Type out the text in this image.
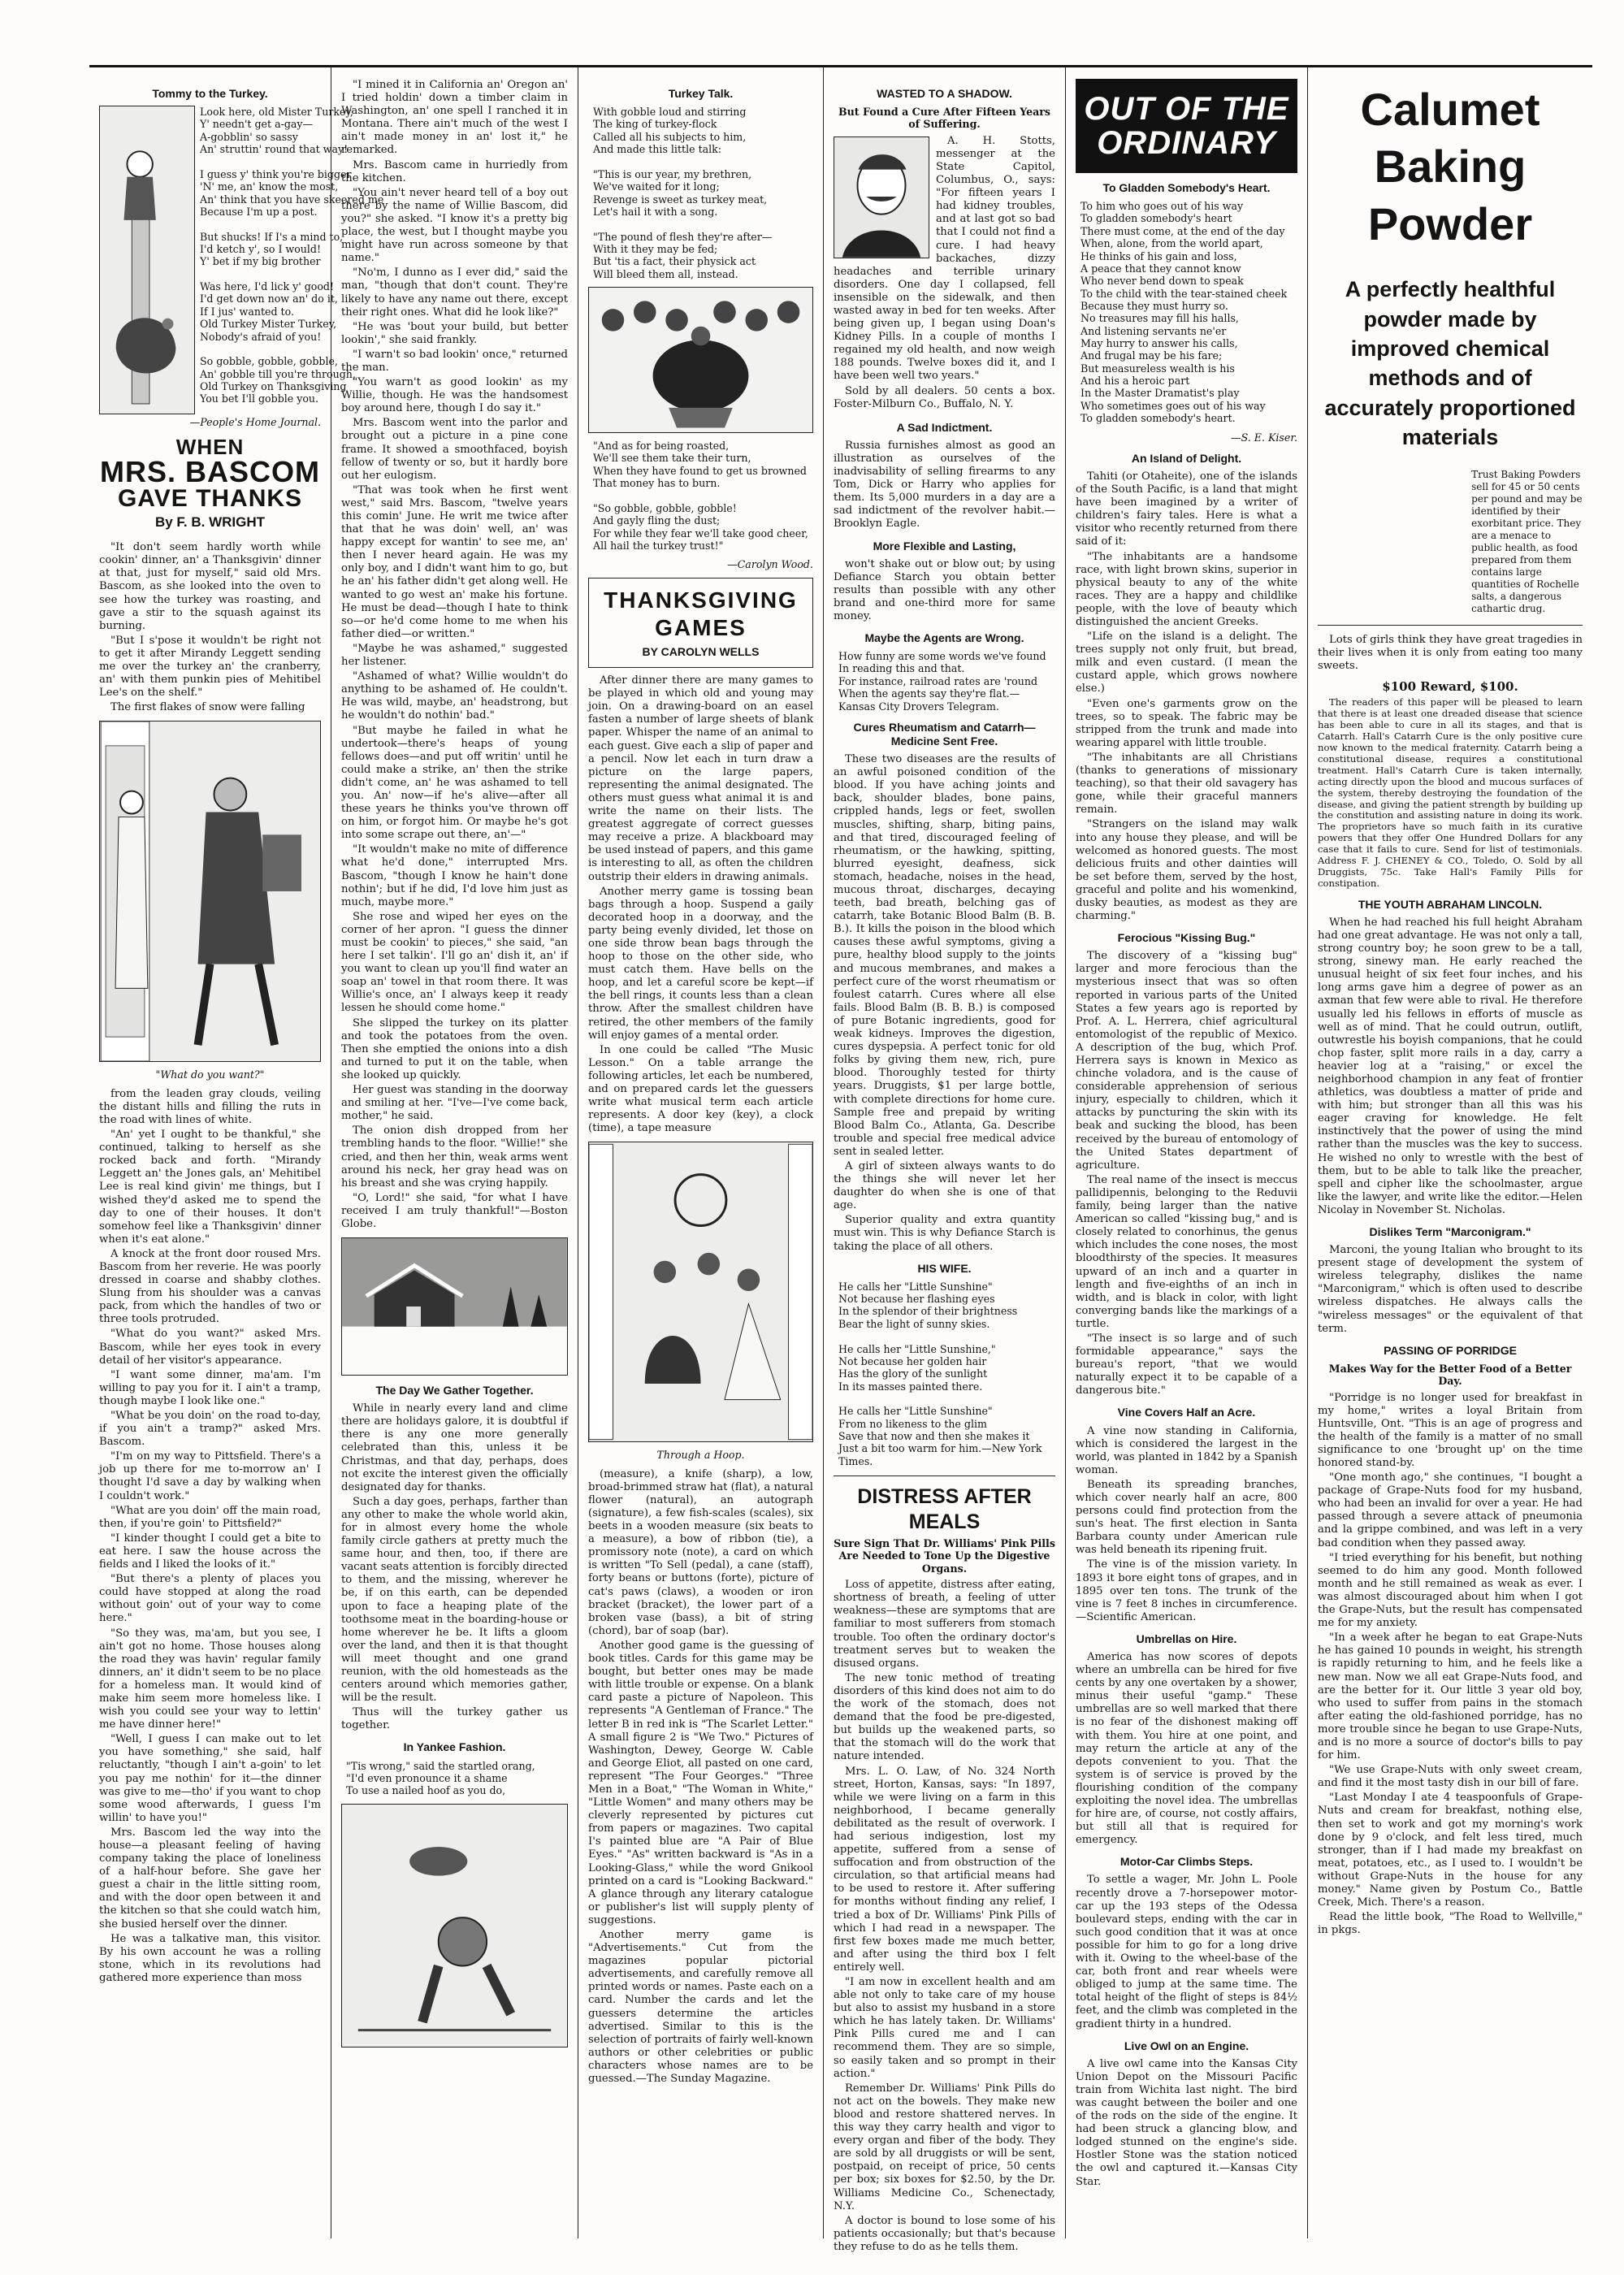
Tommy to the Turkey.
Look here, old Mister Turkey,
Y' needn't get a-gay—
A-gobblin' so sassy
An' struttin' round that way!

I guess y' think you're bigger
'N' me, an' know the most,
An' think that you have skeered me
Because I'm up a post.

But shucks! If I's a mind to,
I'd ketch y', so I would!
Y' bet if my big brother

Was here, I'd lick y' good!
I'd get down now an' do it,
If I jus' wanted to.
Old Turkey Mister Turkey,
Nobody's afraid of you!

So gobble, gobble, gobble,
An' gobble till you're through,
Old Turkey on Thanksgiving
You bet I'll gobble you.
—People's Home Journal.
WHEN
MRS. BASCOM
GAVE THANKS
By F. B. WRIGHT

"It don't seem hardly worth while cookin' dinner, an' a Thanksgivin' dinner at that, just for myself," said old Mrs. Bascom, as she looked into the oven to see how the turkey was roasting, and gave a stir to the squash against its burning.

"But I s'pose it wouldn't be right not to get it after Mirandy Leggett sending me over the turkey an' the cranberry, an' with them punkin pies of Mehitibel Lee's on the shelf."

The first flakes of snow were falling

"What do you want?"

from the leaden gray clouds, veiling the distant hills and filling the ruts in the road with lines of white.

"An' yet I ought to be thankful," she continued, talking to herself as she rocked back and forth. "Mirandy Leggett an' the Jones gals, an' Mehitibel Lee is real kind givin' me things, but I wished they'd asked me to spend the day to one of their houses. It don't somehow feel like a Thanksgivin' dinner when it's eat alone."

A knock at the front door roused Mrs. Bascom from her reverie. He was poorly dressed in coarse and shabby clothes. Slung from his shoulder was a canvas pack, from which the handles of two or three tools protruded.

"What do you want?" asked Mrs. Bascom, while her eyes took in every detail of her visitor's appearance.

"I want some dinner, ma'am. I'm willing to pay you for it. I ain't a tramp, though maybe I look like one."

"What be you doin' on the road to-day, if you ain't a tramp?" asked Mrs. Bascom.

"I'm on my way to Pittsfield. There's a job up there for me to-morrow an' I thought I'd save a day by walking when I couldn't work."

"What are you doin' off the main road, then, if you're goin' to Pittsfield?"

"I kinder thought I could get a bite to eat here. I saw the house across the fields and I liked the looks of it."

"But there's a plenty of places you could have stopped at along the road without goin' out of your way to come here."

"So they was, ma'am, but you see, I ain't got no home. Those houses along the road they was havin' regular family dinners, an' it didn't seem to be no place for a homeless man. It would kind of make him seem more homeless like. I wish you could see your way to lettin' me have dinner here!"

"Well, I guess I can make out to let you have something," she said, half reluctantly, "though I ain't a-goin' to let you pay me nothin' for it—the dinner was give to me—tho' if you want to chop some wood afterwards, I guess I'm willin' to have you!"

Mrs. Bascom led the way into the house—a pleasant feeling of having company taking the place of loneliness of a half-hour before. She gave her guest a chair in the little sitting room, and with the door open between it and the kitchen so that she could watch him, she busied herself over the dinner.

He was a talkative man, this visitor. By his own account he was a rolling stone, which in its revolutions had gathered more experience than moss

"I mined it in California an' Oregon an' I tried holdin' down a timber claim in Washington, an' one spell I ranched it in Montana. There ain't much of the west I ain't made money in an' lost it," he remarked.

Mrs. Bascom came in hurriedly from the kitchen.

"You ain't never heard tell of a boy out there by the name of Willie Bascom, did you?" she asked. "I know it's a pretty big place, the west, but I thought maybe you might have run across someone by that name."

"No'm, I dunno as I ever did," said the man, "though that don't count. They're likely to have any name out there, except their right ones. What did he look like?"

"He was 'bout your build, but better lookin'," she said frankly.

"I warn't so bad lookin' once," returned the man.

"You warn't as good lookin' as my Willie, though. He was the handsomest boy around here, though I do say it."

Mrs. Bascom went into the parlor and brought out a picture in a pine cone frame. It showed a smoothfaced, boyish fellow of twenty or so, but it hardly bore out her eulogism.

"That was took when he first went west," said Mrs. Bascom, "twelve years this comin' June. He writ me twice after that that he was doin' well, an' was happy except for wantin' to see me, an' then I never heard again. He was my only boy, and I didn't want him to go, but he an' his father didn't get along well. He wanted to go west an' make his fortune. He must be dead—though I hate to think so—or he'd come home to me when his father died—or written."

"Maybe he was ashamed," suggested her listener.

"Ashamed of what? Willie wouldn't do anything to be ashamed of. He couldn't. He was wild, maybe, an' headstrong, but he wouldn't do nothin' bad."

"But maybe he failed in what he undertook—there's heaps of young fellows does—and put off writin' until he could make a strike, an' then the strike didn't come, an' he was ashamed to tell you. An' now—if he's alive—after all these years he thinks you've thrown off on him, or forgot him. Or maybe he's got into some scrape out there, an'—"

"It wouldn't make no mite of difference what he'd done," interrupted Mrs. Bascom, "though I know he hain't done nothin'; but if he did, I'd love him just as much, maybe more."

She rose and wiped her eyes on the corner of her apron. "I guess the dinner must be cookin' to pieces," she said, "an here I set talkin'. I'll go an' dish it, an' if you want to clean up you'll find water an soap an' towel in that room there. It was Willie's once, an' I always keep it ready lessen he should come home."

She slipped the turkey on its platter and took the potatoes from the oven. Then she emptied the onions into a dish and turned to put it on the table, when she looked up quickly.

Her guest was standing in the doorway and smiling at her. "I've—I've come back, mother," he said.

The onion dish dropped from her trembling hands to the floor. "Willie!" she cried, and then her thin, weak arms went around his neck, her gray head was on his breast and she was crying happily.

"O, Lord!" she said, "for what I have received I am truly thankful!"—Boston Globe.

The Day We Gather Together.

While in nearly every land and clime there are holidays galore, it is doubtful if there is any one more generally celebrated than this, unless it be Christmas, and that day, perhaps, does not excite the interest given the officially designated day for thanks.

Such a day goes, perhaps, farther than any other to make the whole world akin, for in almost every home the whole family circle gathers at pretty much the same hour, and then, too, if there are vacant seats attention is forcibly directed to them, and the missing, wherever he be, if on this earth, can be depended upon to face a heaping plate of the toothsome meat in the boarding-house or home wherever he be. It lifts a gloom over the land, and then it is that thought will meet thought and one grand reunion, with the old homesteads as the centers around which memories gather, will be the result.

Thus will the turkey gather us together.

In Yankee Fashion.
"Tis wrong," said the startled orang,
"I'd even pronounce it a shame
To use a nailed hoof as you do,
Turkey Talk.
With gobble loud and stirring
The king of turkey-flock
Called all his subjects to him,
And made this little talk:

"This is our year, my brethren,
We've waited for it long;
Revenge is sweet as turkey meat,
Let's hail it with a song.

"The pound of flesh they're after—
With it they may be fed;
But 'tis a fact, their physick act
Will bleed them all, instead.
"And as for being roasted,
We'll see them take their turn,
When they have found to get us browned
That money has to burn.

"So gobble, gobble, gobble!
And gayly fling the dust;
For while they fear we'll take good cheer,
All hail the turkey trust!"
—Carolyn Wood.
THANKSGIVING GAMES
BY CAROLYN WELLS

After dinner there are many games to be played in which old and young may join. On a drawing-board on an easel fasten a number of large sheets of blank paper. Whisper the name of an animal to each guest. Give each a slip of paper and a pencil. Now let each in turn draw a picture on the large papers, representing the animal designated. The others must guess what animal it is and write the name on their lists. The greatest aggregate of correct guesses may receive a prize. A blackboard may be used instead of papers, and this game is interesting to all, as often the children outstrip their elders in drawing animals.

Another merry game is tossing bean bags through a hoop. Suspend a gaily decorated hoop in a doorway, and the party being evenly divided, let those on one side throw bean bags through the hoop to those on the other side, who must catch them. Have bells on the hoop, and let a careful score be kept—if the bell rings, it counts less than a clean throw. After the smallest children have retired, the other members of the family will enjoy games of a mental order.

In one could be called "The Music Lesson." On a table arrange the following articles, let each be numbered, and on prepared cards let the guessers write what musical term each article represents. A door key (key), a clock (time), a tape measure

Through a Hoop.

(measure), a knife (sharp), a low, broad-brimmed straw hat (flat), a natural flower (natural), an autograph (signature), a few fish-scales (scales), six beets in a wooden measure (six beats to a measure), a bow of ribbon (tie), a promissory note (note), a card on which is written "To Sell (pedal), a cane (staff), forty beans or buttons (forte), picture of cat's paws (claws), a wooden or iron bracket (bracket), the lower part of a broken vase (bass), a bit of string (chord), bar of soap (bar).

Another good game is the guessing of book titles. Cards for this game may be bought, but better ones may be made with little trouble or expense. On a blank card paste a picture of Napoleon. This represents "A Gentleman of France." The letter B in red ink is "The Scarlet Letter." A small figure 2 is "We Two." Pictures of Washington, Dewey, George W. Cable and George Eliot, all pasted on one card, represent "The Four Georges." "Three Men in a Boat," "The Woman in White," "Little Women" and many others may be cleverly represented by pictures cut from papers or magazines. Two capital I's painted blue are "A Pair of Blue Eyes." "As" written backward is "As in a Looking-Glass," while the word Gnikool printed on a card is "Looking Backward." A glance through any literary catalogue or publisher's list will supply plenty of suggestions.

Another merry game is "Advertisements." Cut from the magazines popular pictorial advertisements, and carefully remove all printed words or names. Paste each on a card. Number the cards and let the guessers determine the articles advertised. Similar to this is the selection of portraits of fairly well-known authors or other celebrities or public characters whose names are to be guessed.—The Sunday Magazine.

WASTED TO A SHADOW.
But Found a Cure After Fifteen Years of Suffering.

A. H. Stotts, messenger at the State Capitol, Columbus, O., says: "For fifteen years I had kidney troubles, and at last got so bad that I could not find a cure. I had heavy backaches, dizzy headaches and terrible urinary disorders. One day I collapsed, fell insensible on the sidewalk, and then wasted away in bed for ten weeks. After being given up, I began using Doan's Kidney Pills. In a couple of months I regained my old health, and now weigh 188 pounds. Twelve boxes did it, and I have been well two years."

Sold by all dealers. 50 cents a box. Foster-Milburn Co., Buffalo, N. Y.

A Sad Indictment.

Russia furnishes almost as good an illustration as ourselves of the inadvisability of selling firearms to any Tom, Dick or Harry who applies for them. Its 5,000 murders in a day are a sad indictment of the revolver habit.—Brooklyn Eagle.

More Flexible and Lasting,

won't shake out or blow out; by using Defiance Starch you obtain better results than possible with any other brand and one-third more for same money.

Maybe the Agents are Wrong.
How funny are some words we've found
In reading this and that.
For instance, railroad rates are 'round
When the agents say they're flat.—Kansas City Drovers Telegram.
Cures Rheumatism and Catarrh—Medicine Sent Free.

These two diseases are the results of an awful poisoned condition of the blood. If you have aching joints and back, shoulder blades, bone pains, crippled hands, legs or feet, swollen muscles, shifting, sharp, biting pains, and that tired, discouraged feeling of rheumatism, or the hawking, spitting, blurred eyesight, deafness, sick stomach, headache, noises in the head, mucous throat, discharges, decaying teeth, bad breath, belching gas of catarrh, take Botanic Blood Balm (B. B. B.). It kills the poison in the blood which causes these awful symptoms, giving a pure, healthy blood supply to the joints and mucous membranes, and makes a perfect cure of the worst rheumatism or foulest catarrh. Cures where all else fails. Blood Balm (B. B. B.) is composed of pure Botanic ingredients, good for weak kidneys. Improves the digestion, cures dyspepsia. A perfect tonic for old folks by giving them new, rich, pure blood. Thoroughly tested for thirty years. Druggists, $1 per large bottle, with complete directions for home cure. Sample free and prepaid by writing Blood Balm Co., Atlanta, Ga. Describe trouble and special free medical advice sent in sealed letter.

A girl of sixteen always wants to do the things she will never let her daughter do when she is one of that age.

Superior quality and extra quantity must win. This is why Defiance Starch is taking the place of all others.

HIS WIFE.
He calls her "Little Sunshine"
Not because her flashing eyes
In the splendor of their brightness
Bear the light of sunny skies.

He calls her "Little Sunshine,"
Not because her golden hair
Has the glory of the sunlight
In its masses painted there.

He calls her "Little Sunshine"
From no likeness to the glim
Save that now and then she makes it
Just a bit too warm for him.—New York Times.
DISTRESS AFTER MEALS
Sure Sign That Dr. Williams' Pink Pills Are Needed to Tone Up the Digestive Organs.

Loss of appetite, distress after eating, shortness of breath, a feeling of utter weakness—these are symptoms that are familiar to most sufferers from stomach trouble. Too often the ordinary doctor's treatment serves but to weaken the disused organs.

The new tonic method of treating disorders of this kind does not aim to do the work of the stomach, does not demand that the food be pre-digested, but builds up the weakened parts, so that the stomach will do the work that nature intended.

Mrs. L. O. Law, of No. 324 North street, Horton, Kansas, says: "In 1897, while we were living on a farm in this neighborhood, I became generally debilitated as the result of overwork. I had serious indigestion, lost my appetite, suffered from a sense of suffocation and from obstruction of the circulation, so that artificial means had to be used to restore it. After suffering for months without finding any relief, I tried a box of Dr. Williams' Pink Pills of which I had read in a newspaper. The first few boxes made me much better, and after using the third box I felt entirely well.

"I am now in excellent health and am able not only to take care of my house but also to assist my husband in a store which he has lately taken. Dr. Williams' Pink Pills cured me and I can recommend them. They are so simple, so easily taken and so prompt in their action."

Remember Dr. Williams' Pink Pills do not act on the bowels. They make new blood and restore shattered nerves. In this way they carry health and vigor to every organ and fiber of the body. They are sold by all druggists or will be sent, postpaid, on receipt of price, 50 cents per box; six boxes for $2.50, by the Dr. Williams Medicine Co., Schenectady, N.Y.

A doctor is bound to lose some of his patients occasionally; but that's because they refuse to do as he tells them.

OUT OF THE ORDINARY
To Gladden Somebody's Heart.
To him who goes out of his way
To gladden somebody's heart
There must come, at the end of the day
When, alone, from the world apart,
He thinks of his gain and loss,
A peace that they cannot know
Who never bend down to speak
To the child with the tear-stained cheek
Because they must hurry so.
No treasures may fill his halls,
And listening servants ne'er
May hurry to answer his calls,
And frugal may be his fare;
But measureless wealth is his
And his a heroic part
In the Master Dramatist's play
Who sometimes goes out of his way
To gladden somebody's heart.
—S. E. Kiser.
An Island of Delight.

Tahiti (or Otaheite), one of the islands of the South Pacific, is a land that might have been imagined by a writer of children's fairy tales. Here is what a visitor who recently returned from there said of it:

"The inhabitants are a handsome race, with light brown skins, superior in physical beauty to any of the white races. They are a happy and childlike people, with the love of beauty which distinguished the ancient Greeks.

"Life on the island is a delight. The trees supply not only fruit, but bread, milk and even custard. (I mean the custard apple, which grows nowhere else.)

"Even one's garments grow on the trees, so to speak. The fabric may be stripped from the trunk and made into wearing apparel with little trouble.

"The inhabitants are all Christians (thanks to generations of missionary teaching), so that their old savagery has gone, while their graceful manners remain.

"Strangers on the island may walk into any house they please, and will be welcomed as honored guests. The most delicious fruits and other dainties will be set before them, served by the host, graceful and polite and his womenkind, dusky beauties, as modest as they are charming."

Ferocious "Kissing Bug."

The discovery of a "kissing bug" larger and more ferocious than the mysterious insect that was so often reported in various parts of the United States a few years ago is reported by Prof. A. L. Herrera, chief agricultural entomologist of the republic of Mexico. A description of the bug, which Prof. Herrera says is known in Mexico as chinche voladora, and is the cause of considerable apprehension of serious injury, especially to children, which it attacks by puncturing the skin with its beak and sucking the blood, has been received by the bureau of entomology of the United States department of agriculture.

The real name of the insect is meccus pallidipennis, belonging to the Reduvii family, being larger than the native American so called "kissing bug," and is closely related to conorhinus, the genus which includes the cone noses, the most bloodthirsty of the species. It measures upward of an inch and a quarter in length and five-eighths of an inch in width, and is black in color, with light converging bands like the markings of a turtle.

"The insect is so large and of such formidable appearance," says the bureau's report, "that we would naturally expect it to be capable of a dangerous bite."

Vine Covers Half an Acre.

A vine now standing in California, which is considered the largest in the world, was planted in 1842 by a Spanish woman.

Beneath its spreading branches, which cover nearly half an acre, 800 persons could find protection from the sun's heat. The first election in Santa Barbara county under American rule was held beneath its ripening fruit.

The vine is of the mission variety. In 1893 it bore eight tons of grapes, and in 1895 over ten tons. The trunk of the vine is 7 feet 8 inches in circumference.—Scientific American.

Umbrellas on Hire.

America has now scores of depots where an umbrella can be hired for five cents by any one overtaken by a shower, minus their useful "gamp." These umbrellas are so well marked that there is no fear of the dishonest making off with them. You hire at one point, and may return the article at any of the depots convenient to you. That the system is of service is proved by the flourishing condition of the company exploiting the novel idea. The umbrellas for hire are, of course, not costly affairs, but still all that is required for emergency.

Motor-Car Climbs Steps.

To settle a wager, Mr. John L. Poole recently drove a 7-horsepower motor-car up the 193 steps of the Odessa boulevard steps, ending with the car in such good condition that it was at once possible for him to go for a long drive with it. Owing to the wheel-base of the car, both front and rear wheels were obliged to jump at the same time. The total height of the flight of steps is 84½ feet, and the climb was completed in the gradient thirty in a hundred.

Live Owl on an Engine.

A live owl came into the Kansas City Union Depot on the Missouri Pacific train from Wichita last night. The bird was caught between the boiler and one of the rods on the side of the engine. It had been struck a glancing blow, and lodged stunned on the engine's side. Hostler Stone was the station noticed the owl and captured it.—Kansas City Star.

Calumet
Baking
Powder
A perfectly healthful powder made by improved chemical methods and of accurately proportioned materials
Trust Baking Powders sell for 45 or 50 cents per pound and may be identified by their exorbitant price. They are a menace to public health, as food prepared from them contains large quantities of Rochelle salts, a dangerous cathartic drug.

Lots of girls think they have great tragedies in their lives when it is only from eating too many sweets.

$100 Reward, $100.

The readers of this paper will be pleased to learn that there is at least one dreaded disease that science has been able to cure in all its stages, and that is Catarrh. Hall's Catarrh Cure is the only positive cure now known to the medical fraternity. Catarrh being a constitutional disease, requires a constitutional treatment. Hall's Catarrh Cure is taken internally, acting directly upon the blood and mucous surfaces of the system, thereby destroying the foundation of the disease, and giving the patient strength by building up the constitution and assisting nature in doing its work. The proprietors have so much faith in its curative powers that they offer One Hundred Dollars for any case that it fails to cure. Send for list of testimonials. Address F. J. CHENEY & CO., Toledo, O. Sold by all Druggists, 75c. Take Hall's Family Pills for constipation.

THE YOUTH ABRAHAM LINCOLN.

When he had reached his full height Abraham had one great advantage. He was not only a tall, strong country boy; he soon grew to be a tall, strong, sinewy man. He early reached the unusual height of six feet four inches, and his long arms gave him a degree of power as an axman that few were able to rival. He therefore usually led his fellows in efforts of muscle as well as of mind. That he could outrun, outlift, outwrestle his boyish companions, that he could chop faster, split more rails in a day, carry a heavier log at a "raising," or excel the neighborhood champion in any feat of frontier athletics, was doubtless a matter of pride and with him; but stronger than all this was his eager craving for knowledge. He felt instinctively that the power of using the mind rather than the muscles was the key to success. He wished no only to wrestle with the best of them, but to be able to talk like the preacher, spell and cipher like the schoolmaster, argue like the lawyer, and write like the editor.—Helen Nicolay in November St. Nicholas.

Dislikes Term "Marconigram."

Marconi, the young Italian who brought to its present stage of development the system of wireless telegraphy, dislikes the name "Marconigram," which is often used to describe wireless dispatches. He always calls the "wireless messages" or the equivalent of that term.

PASSING OF PORRIDGE
Makes Way for the Better Food of a Better Day.

"Porridge is no longer used for breakfast in my home," writes a loyal Britain from Huntsville, Ont. "This is an age of progress and the health of the family is a matter of no small significance to one 'brought up' on the time honored stand-by.

"One month ago," she continues, "I bought a package of Grape-Nuts food for my husband, who had been an invalid for over a year. He had passed through a severe attack of pneumonia and la grippe combined, and was left in a very bad condition when they passed away.

"I tried everything for his benefit, but nothing seemed to do him any good. Month followed month and he still remained as weak as ever. I was almost discouraged about him when I got the Grape-Nuts, but the result has compensated me for my anxiety.

"In a week after he began to eat Grape-Nuts he has gained 10 pounds in weight, his strength is rapidly returning to him, and he feels like a new man. Now we all eat Grape-Nuts food, and are the better for it. Our little 3 year old boy, who used to suffer from pains in the stomach after eating the old-fashioned porridge, has no more trouble since he began to use Grape-Nuts, and is no more a source of doctor's bills to pay for him.

"We use Grape-Nuts with only sweet cream, and find it the most tasty dish in our bill of fare.

"Last Monday I ate 4 teaspoonfuls of Grape-Nuts and cream for breakfast, nothing else, then set to work and got my morning's work done by 9 o'clock, and felt less tired, much stronger, than if I had made my breakfast on meat, potatoes, etc., as I used to. I wouldn't be without Grape-Nuts in the house for any money." Name given by Postum Co., Battle Creek, Mich. There's a reason.

Read the little book, "The Road to Wellville," in pkgs.
